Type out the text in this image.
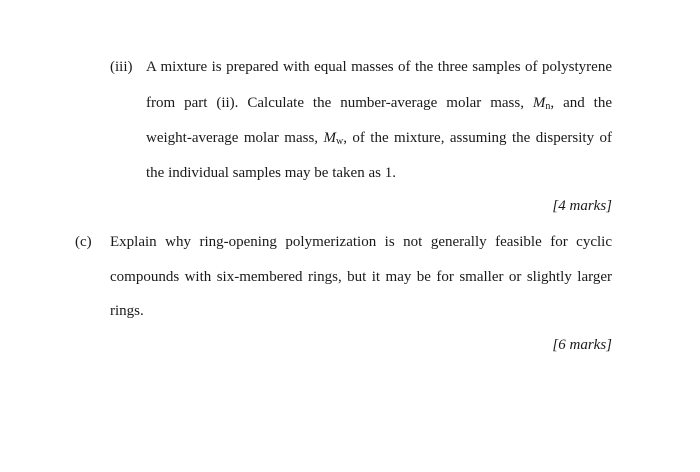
(iii) A mixture is prepared with equal masses of the three samples of polystyrene
from part (ii). Calculate the number-average molar mass, $M_n$, and the
weight-average molar mass, $M_w$, of the mixture, assuming the dispersity of
the individual samples may be taken as 1.
[4 marks]
(c) Explain why ring-opening polymerization is not generally feasible for cyclic
compounds with six-membered rings, but it may be for smaller or slightly larger
rings.
[6 marks]
